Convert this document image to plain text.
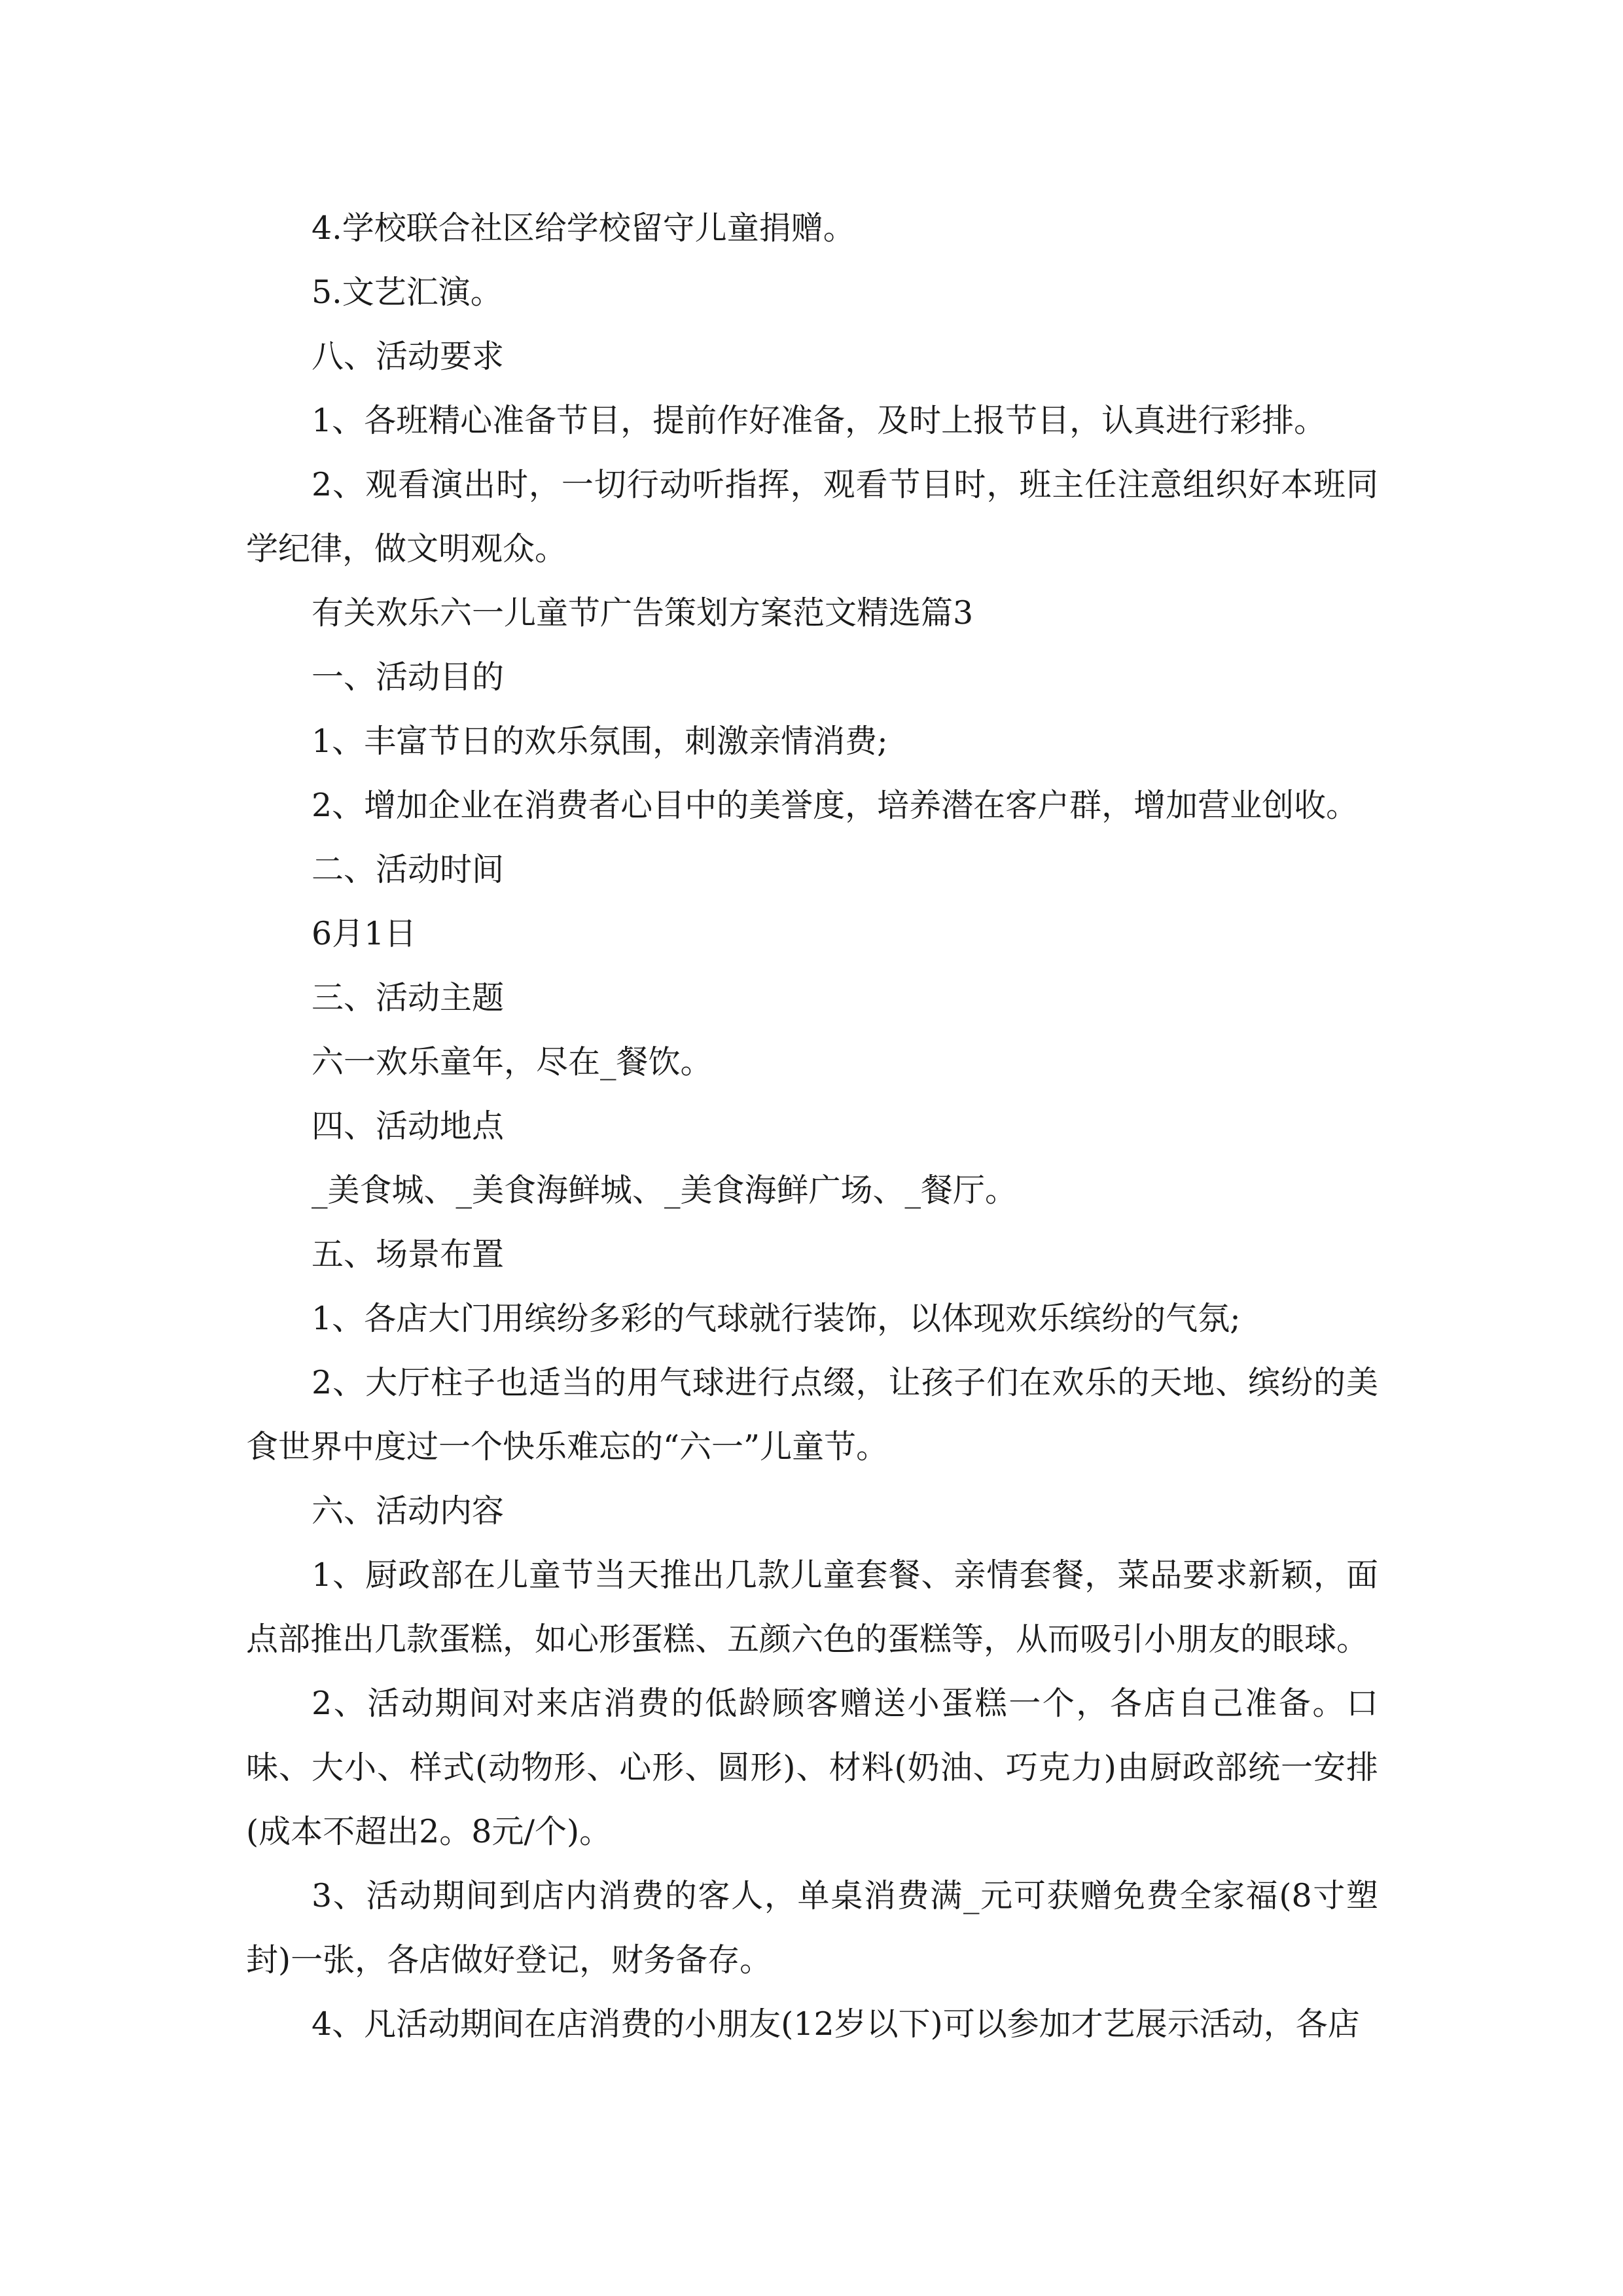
4.学校联合社区给学校留守儿童捐赠。

5.文艺汇演。

八、活动要求

1、各班精心准备节目，提前作好准备，及时上报节目，认真进行彩排。

2、观看演出时，一切行动听指挥，观看节目时，班主任注意组织好本班同学纪律，做文明观众。

有关欢乐六一儿童节广告策划方案范文精选篇3

一、活动目的

1、丰富节日的欢乐氛围，刺激亲情消费;

2、增加企业在消费者心目中的美誉度，培养潜在客户群，增加营业创收。

二、活动时间

6月1日

三、活动主题

六一欢乐童年，尽在_餐饮。

四、活动地点

_美食城、_美食海鲜城、_美食海鲜广场、_餐厅。

五、场景布置

1、各店大门用缤纷多彩的气球就行装饰，以体现欢乐缤纷的气氛;

2、大厅柱子也适当的用气球进行点缀，让孩子们在欢乐的天地、缤纷的美食世界中度过一个快乐难忘的“六一”儿童节。

六、活动内容

1、厨政部在儿童节当天推出几款儿童套餐、亲情套餐，菜品要求新颖，面点部推出几款蛋糕，如心形蛋糕、五颜六色的蛋糕等，从而吸引小朋友的眼球。

2、活动期间对来店消费的低龄顾客赠送小蛋糕一个，各店自己准备。口味、大小、样式(动物形、心形、圆形)、材料(奶油、巧克力)由厨政部统一安排(成本不超出2。8元/个)。

3、活动期间到店内消费的客人，单桌消费满_元可获赠免费全家福(8寸塑封)一张，各店做好登记，财务备存。

4、凡活动期间在店消费的小朋友(12岁以下)可以参加才艺展示活动，各店
